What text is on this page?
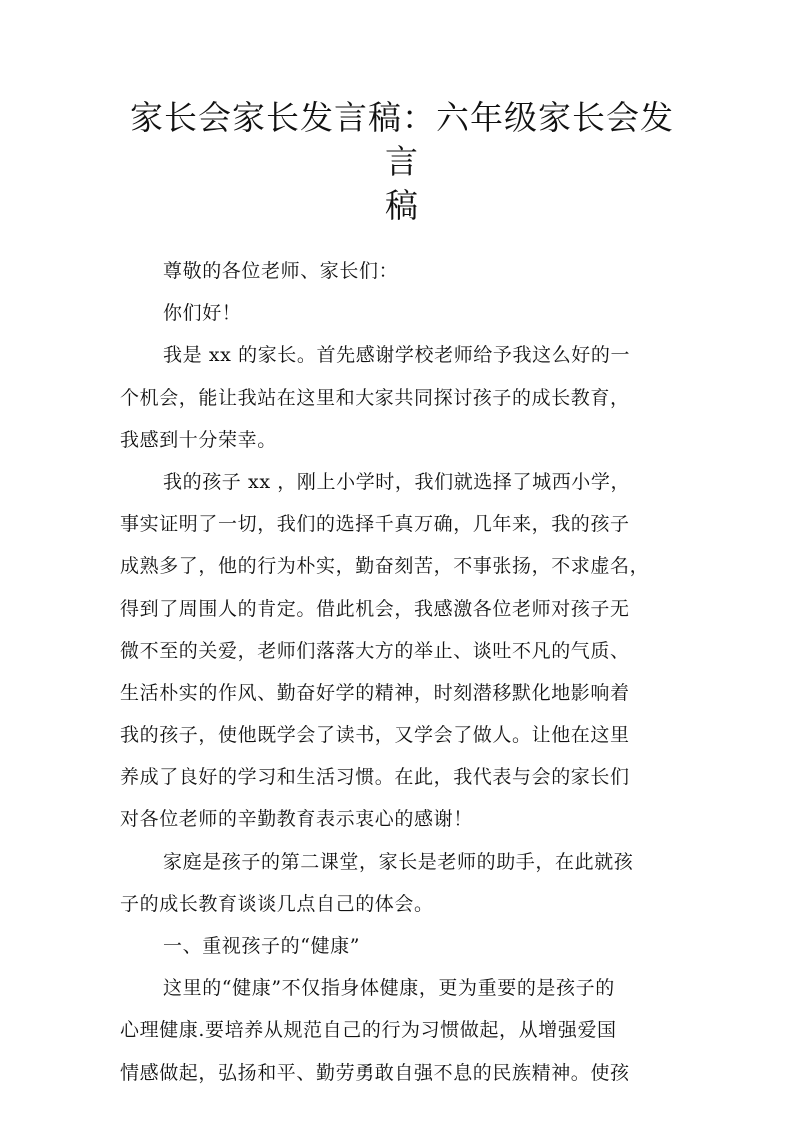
家长会家长发言稿：六年级家长会发言
稿
尊敬的各位老师、家长们：
你们好！
我是 xx 的家长。首先感谢学校老师给予我这么好的一
个机会，能让我站在这里和大家共同探讨孩子的成长教育，
我感到十分荣幸。
我的孩子 xx ，刚上小学时，我们就选择了城西小学，
事实证明了一切，我们的选择千真万确，几年来，我的孩子
成熟多了，他的行为朴实，勤奋刻苦，不事张扬，不求虚名，
得到了周围人的肯定。借此机会，我感激各位老师对孩子无
微不至的关爱，老师们落落大方的举止、谈吐不凡的气质、
生活朴实的作风、勤奋好学的精神，时刻潜移默化地影响着
我的孩子，使他既学会了读书，又学会了做人。让他在这里
养成了良好的学习和生活习惯。在此，我代表与会的家长们
对各位老师的辛勤教育表示衷心的感谢！
家庭是孩子的第二课堂，家长是老师的助手，在此就孩
子的成长教育谈谈几点自己的体会。
一、重视孩子的“健康”
这里的“健康”不仅指身体健康，更为重要的是孩子的
心理健康.要培养从规范自己的行为习惯做起，从增强爱国
情感做起，弘扬和平、勤劳勇敢自强不息的民族精神。使孩
